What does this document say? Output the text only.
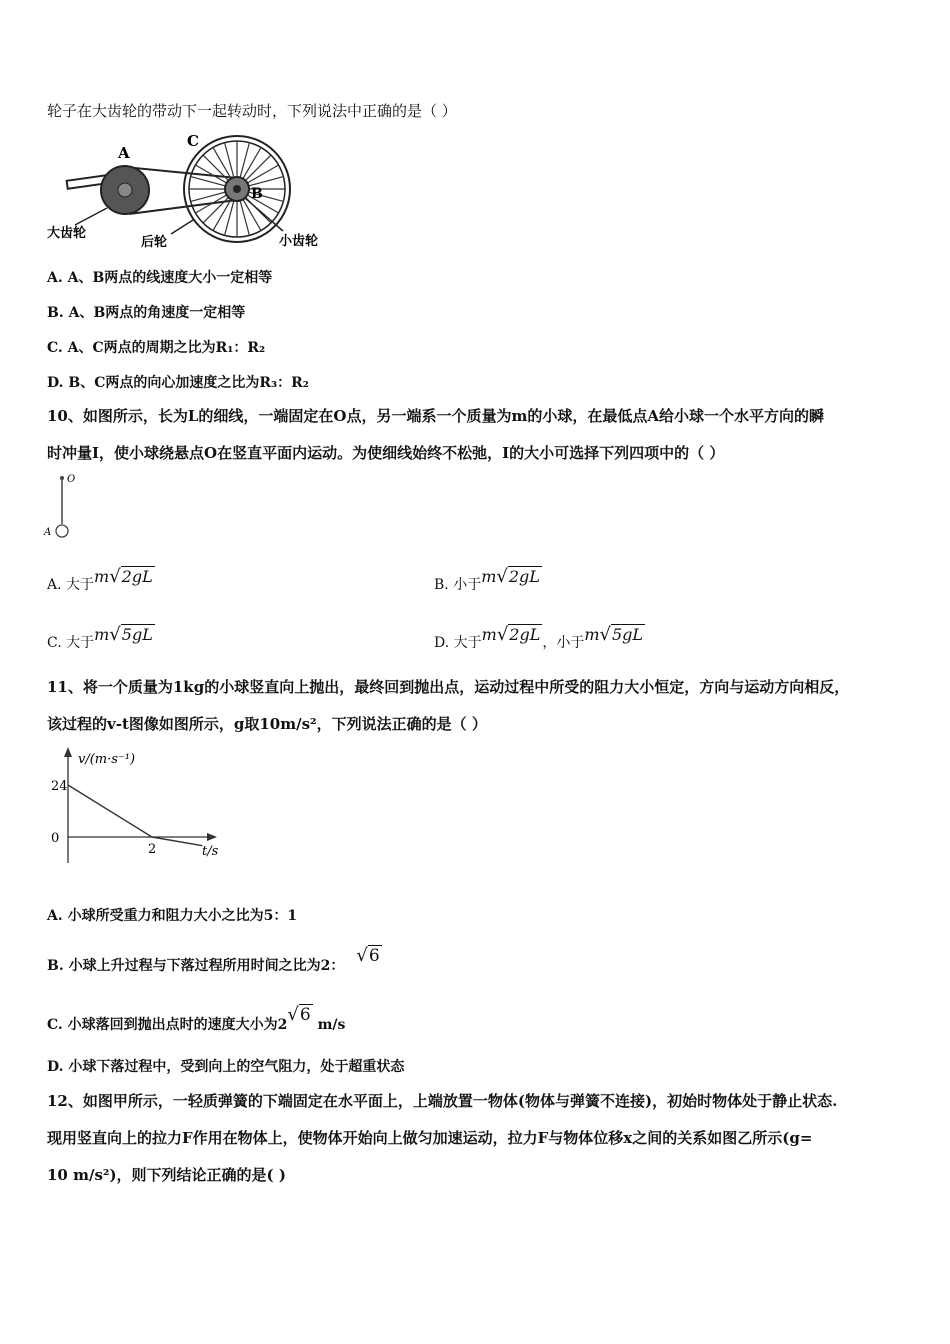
轮子在大齿轮的带动下一起转动时，下列说法中正确的是（ ）
A
C
B
大齿轮
后轮	小齿轮
A. A、B两点的线速度大小一定相等
B. A、B两点的角速度一定相等
C. A、C两点的周期之比为R₁：R₂
D. B、C两点的向心加速度之比为R₃：R₂
10、如图所示，长为L的细线，一端固定在O点，另一端系一个质量为m的小球，在最低点A给小球一个水平方向的瞬
时冲量I，使小球绕悬点O在竖直平面内运动。为使细线始终不松弛，I的大小可选择下列四项中的（ ）
O
A
A. 大于m√2gL	B. 小于m√2gL
C. 大于m√5gL	D. 大于m√2gL ，小于m√5gL
11、将一个质量为1kg的小球竖直向上抛出，最终回到抛出点，运动过程中所受的阻力大小恒定，方向与运动方向相反，
该过程的v-t图像如图所示，g取10m/s²，下列说法正确的是（ ）
v/(m·s⁻¹)
t/s
24
0
2
A. 小球所受重力和阻力大小之比为5：1
B. 小球上升过程与下落过程所用时间之比为2： √6
C. 小球落回到抛出点时的速度大小为2√6 m/s
D. 小球下落过程中，受到向上的空气阻力，处于超重状态
12、如图甲所示，一轻质弹簧的下端固定在水平面上，上端放置一物体(物体与弹簧不连接)，初始时物体处于静止状态.
现用竖直向上的拉力F作用在物体上，使物体开始向上做匀加速运动，拉力F与物体位移x之间的关系如图乙所示(g=
10 m/s²)，则下列结论正确的是( )
